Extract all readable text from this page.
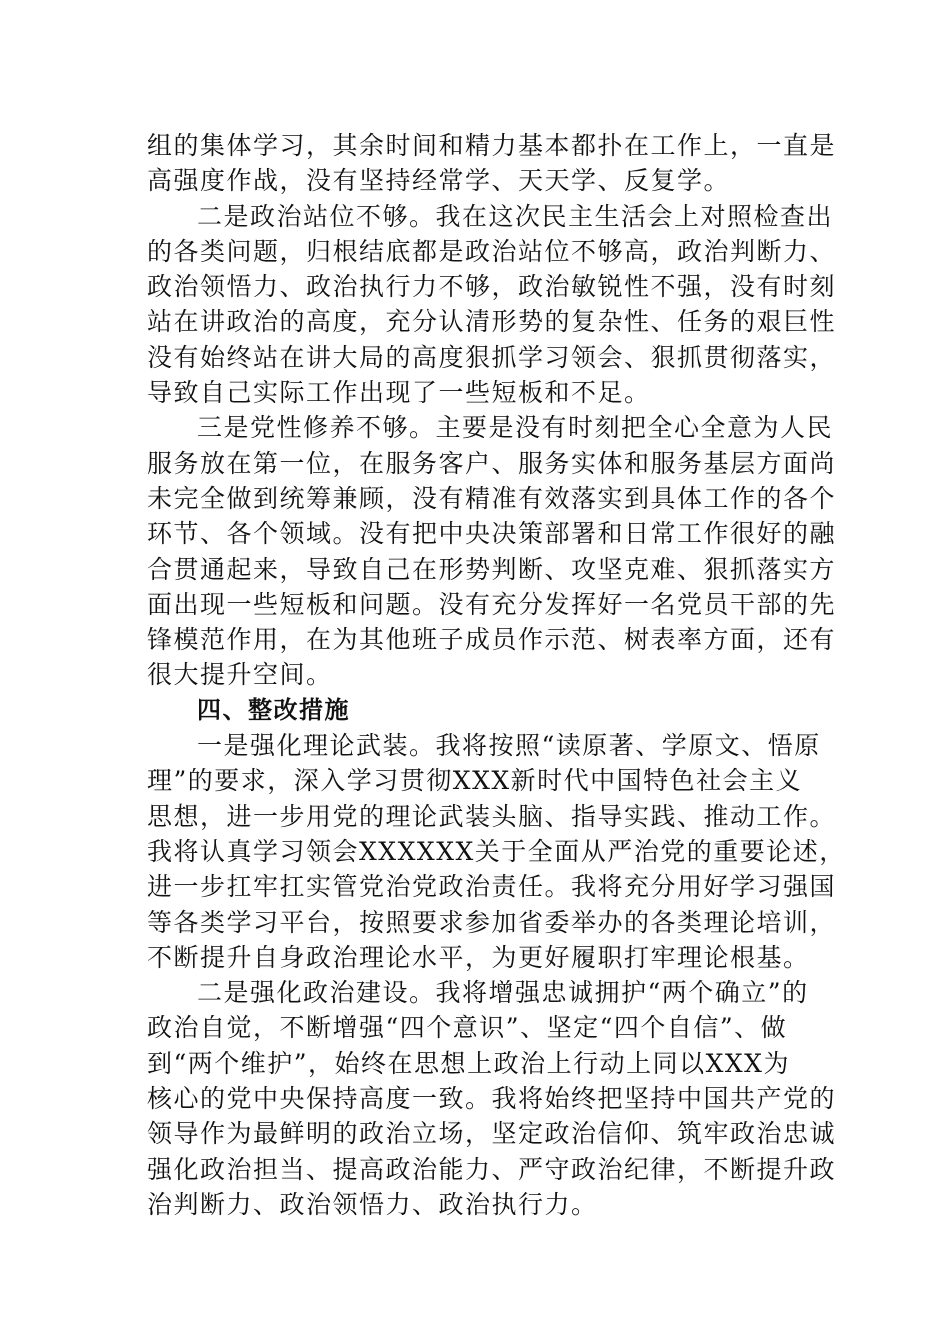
组的集体学习，其余时间和精力基本都扑在工作上，一直是
高强度作战，没有坚持经常学、天天学、反复学。
二是政治站位不够。我在这次民主生活会上对照检查出
的各类问题，归根结底都是政治站位不够高，政治判断力、
政治领悟力、政治执行力不够，政治敏锐性不强，没有时刻
站在讲政治的高度，充分认清形势的复杂性、任务的艰巨性
没有始终站在讲大局的高度狠抓学习领会、狠抓贯彻落实，
导致自己实际工作出现了一些短板和不足。
三是党性修养不够。主要是没有时刻把全心全意为人民
服务放在第一位，在服务客户、服务实体和服务基层方面尚
未完全做到统筹兼顾，没有精准有效落实到具体工作的各个
环节、各个领域。没有把中央决策部署和日常工作很好的融
合贯通起来，导致自己在形势判断、攻坚克难、狠抓落实方
面出现一些短板和问题。没有充分发挥好一名党员干部的先
锋模范作用，在为其他班子成员作示范、树表率方面，还有
很大提升空间。
四、整改措施
一是强化理论武装。我将按照“读原著、学原文、悟原
理”的要求，深入学习贯彻XXX新时代中国特色社会主义
思想，进一步用党的理论武装头脑、指导实践、推动工作。
我将认真学习领会XXXXXX关于全面从严治党的重要论述，
进一步扛牢扛实管党治党政治责任。我将充分用好学习强国
等各类学习平台，按照要求参加省委举办的各类理论培训，
不断提升自身政治理论水平，为更好履职打牢理论根基。
二是强化政治建设。我将增强忠诚拥护“两个确立”的
政治自觉，不断增强“四个意识”、坚定“四个自信”、做
到“两个维护”，始终在思想上政治上行动上同以XXX为
核心的党中央保持高度一致。我将始终把坚持中国共产党的
领导作为最鲜明的政治立场，坚定政治信仰、筑牢政治忠诚
强化政治担当、提高政治能力、严守政治纪律，不断提升政
治判断力、政治领悟力、政治执行力。
